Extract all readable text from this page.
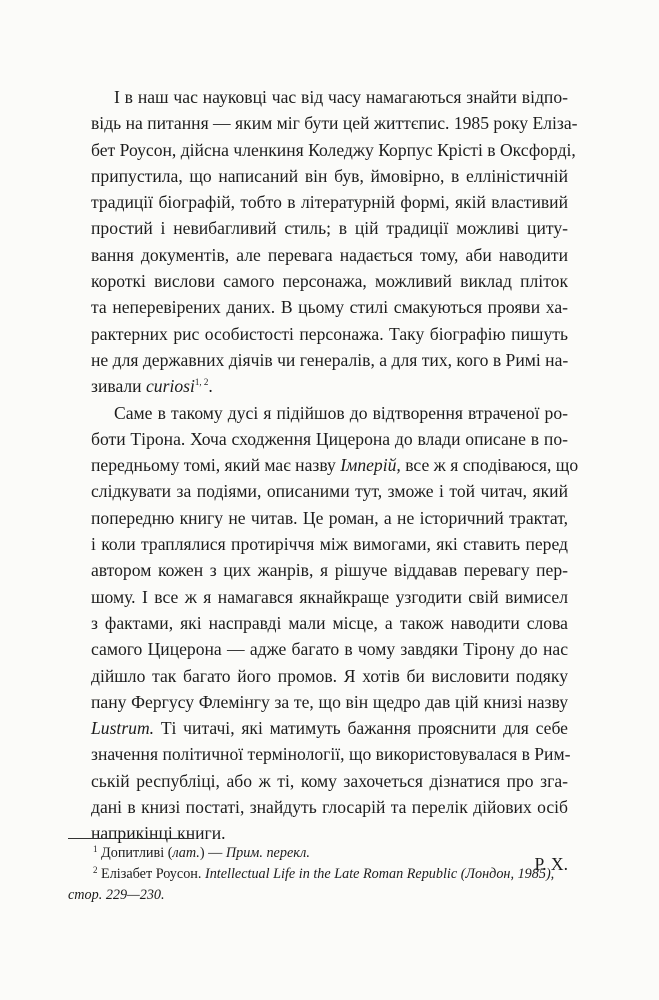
І в наш час науковці час від часу намагаються знайти відпо-
відь на питання — яким міг бути цей життєпис. 1985 року Елізa-
бет Роусон, дійсна членкиня Коледжу Корпус Крісті в Оксфорді,
припустила, що написаний він був, ймовірно, в елліністичній
традиції біографій, тобто в літературній формі, якій властивий
простий і невибагливий стиль; в цій традиції можливі циту-
вання документів, але перевага надається тому, аби наводити
короткі вислови самого персонажа, можливий виклад пліток
та неперевірених даних. В цьому стилі смакуються прояви ха-
рактерних рис особистості персонажа. Таку біографію пишуть
не для державних діячів чи генералів, а для тих, кого в Римі на-
зивали curiosi$^{1, 2}$.
Саме в такому дусі я підійшов до відтворення втраченої ро-
боти Тірона. Хоча сходження Цицерона до влади описане в по-
передньому томі, який має назву Імперій, все ж я сподіваюся, що
слідкувати за подіями, описаними тут, зможе і той читач, який
попередню книгу не читав. Це роман, а не історичний трактат,
і коли траплялися протиріччя між вимогами, які ставить перед
автором кожен з цих жанрів, я рішуче віддавав перевагу пер-
шому. І все ж я намагався якнайкраще узгодити свій вимисел
з фактами, які насправді мали місце, а також наводити слова
самого Цицерона — адже багато в чому завдяки Тірону до нас
дійшло так багато його промов. Я хотів би висловити подяку
пану Фергусу Флемінгу за те, що він щедро дав цій книзі назву
Lustrum. Ті читачі, які матимуть бажання прояснити для себе
значення політичної термінології, що використовувалася в Рим-
ській республіці, або ж ті, кому захочеться дізнатися про зга-
дані в книзі постаті, знайдуть глосарій та перелік дійових осіб
наприкінці книги.
Р. Х.
$^1$ Допитливі (лат.) — Прим. перекл.
$^2$ Елізабет Роусон. Intellectual Life in the Late Roman Republic (Лондон, 1985),
стор. 229—230.
